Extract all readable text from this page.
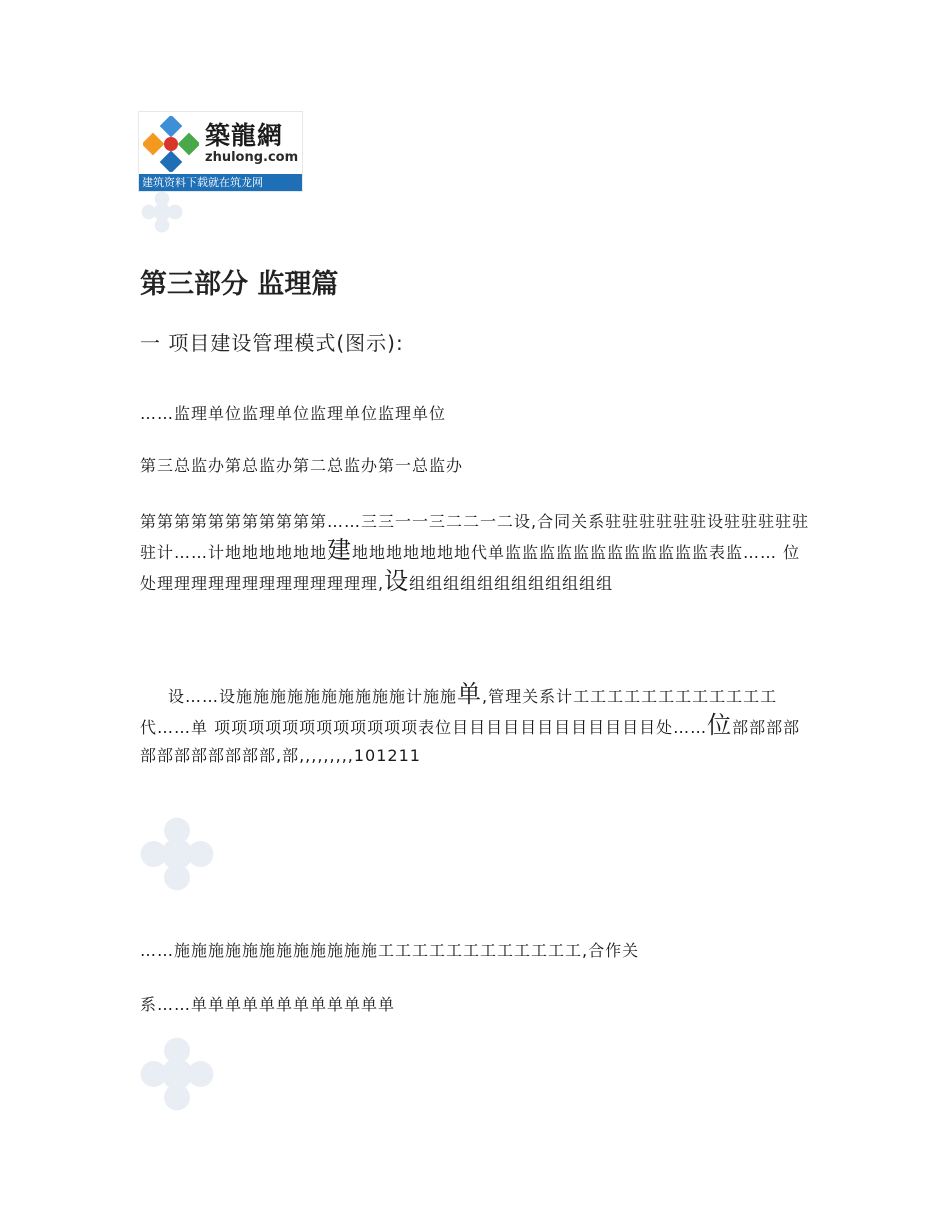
築龍網
zhulong.com
建筑资料下载就在筑龙网
第三部分 监理篇
一 项目建设管理模式(图示):
……监理单位监理单位监理单位监理单位
第三总监办第总监办第二总监办第一总监办
第第第第第第第第第第第……三三一一三二二一二设,合同关系驻驻驻驻驻驻设驻驻驻驻驻驻计……计地地地地地地建地地地地地地地代单监监监监监监监监监监监监表监…… 位处理理理理理理理理理理理理理,设组组组组组组组组组组组组
设……设施施施施施施施施施施计施施单,管理关系计工工工工工工工工工工工工代……单 项项项项项项项项项项项项表位目目目目目目目目目目目目处……位部部部部部部部部部部部部,部,,,,,,,,,101211
……施施施施施施施施施施施施工工工工工工工工工工工工,合作关
系……单单单单单单单单单单单单
